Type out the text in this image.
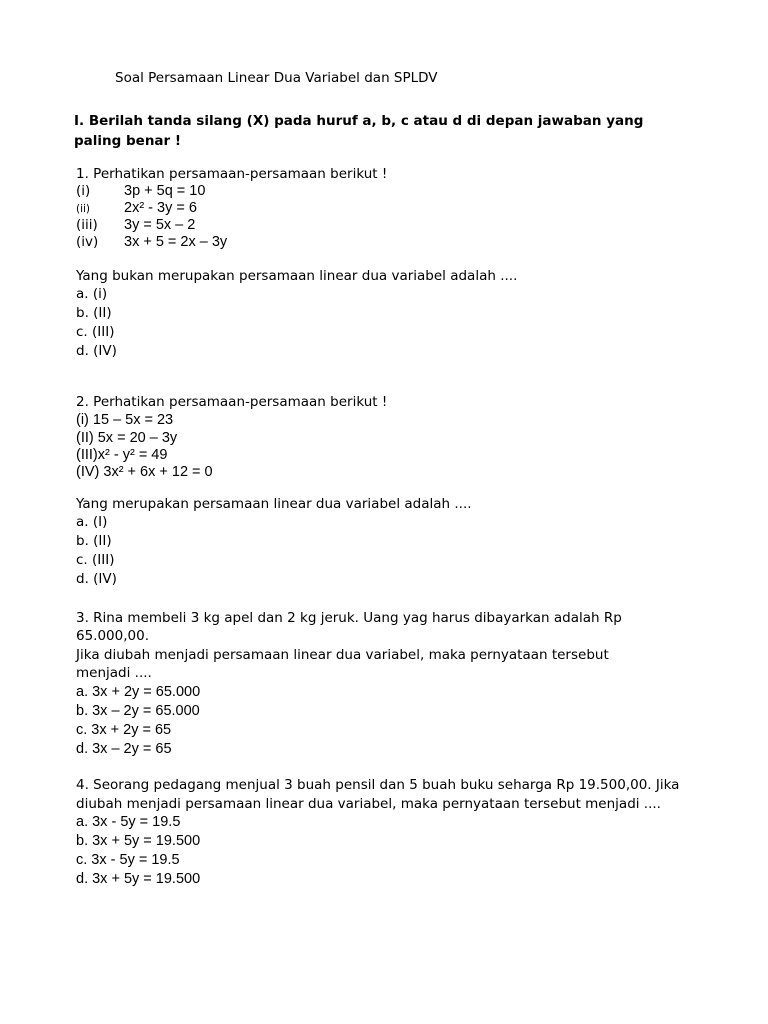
Soal Persamaan Linear Dua Variabel dan SPLDV
I. Berilah tanda silang (X) pada huruf a, b, c atau d di depan jawaban yang paling benar !
1. Perhatikan persamaan-persamaan berikut !
(i) 3p + 5q = 10
(ii) 2x² - 3y = 6
(iii) 3y = 5x – 2
(iv) 3x + 5 = 2x – 3y
Yang bukan merupakan persamaan linear dua variabel adalah ....
a. (i)
b. (II)
c. (III)
d. (IV)
2. Perhatikan persamaan-persamaan berikut !
(i) 15 – 5x = 23
(II) 5x = 20 – 3y
(III)x² - y² = 49
(IV) 3x² + 6x + 12 = 0
Yang merupakan persamaan linear dua variabel adalah ....
a. (I)
b. (II)
c. (III)
d. (IV)
3. Rina membeli 3 kg apel dan 2 kg jeruk. Uang yag harus dibayarkan adalah Rp
65.000,00.
Jika diubah menjadi persamaan linear dua variabel, maka pernyataan tersebut
menjadi ....
a. 3x + 2y = 65.000
b. 3x – 2y = 65.000
c. 3x + 2y = 65
d. 3x – 2y = 65
4. Seorang pedagang menjual 3 buah pensil dan 5 buah buku seharga Rp 19.500,00. Jika
diubah menjadi persamaan linear dua variabel, maka pernyataan tersebut menjadi ....
a. 3x - 5y = 19.5
b. 3x + 5y = 19.500
c. 3x - 5y = 19.5
d. 3x + 5y = 19.500
